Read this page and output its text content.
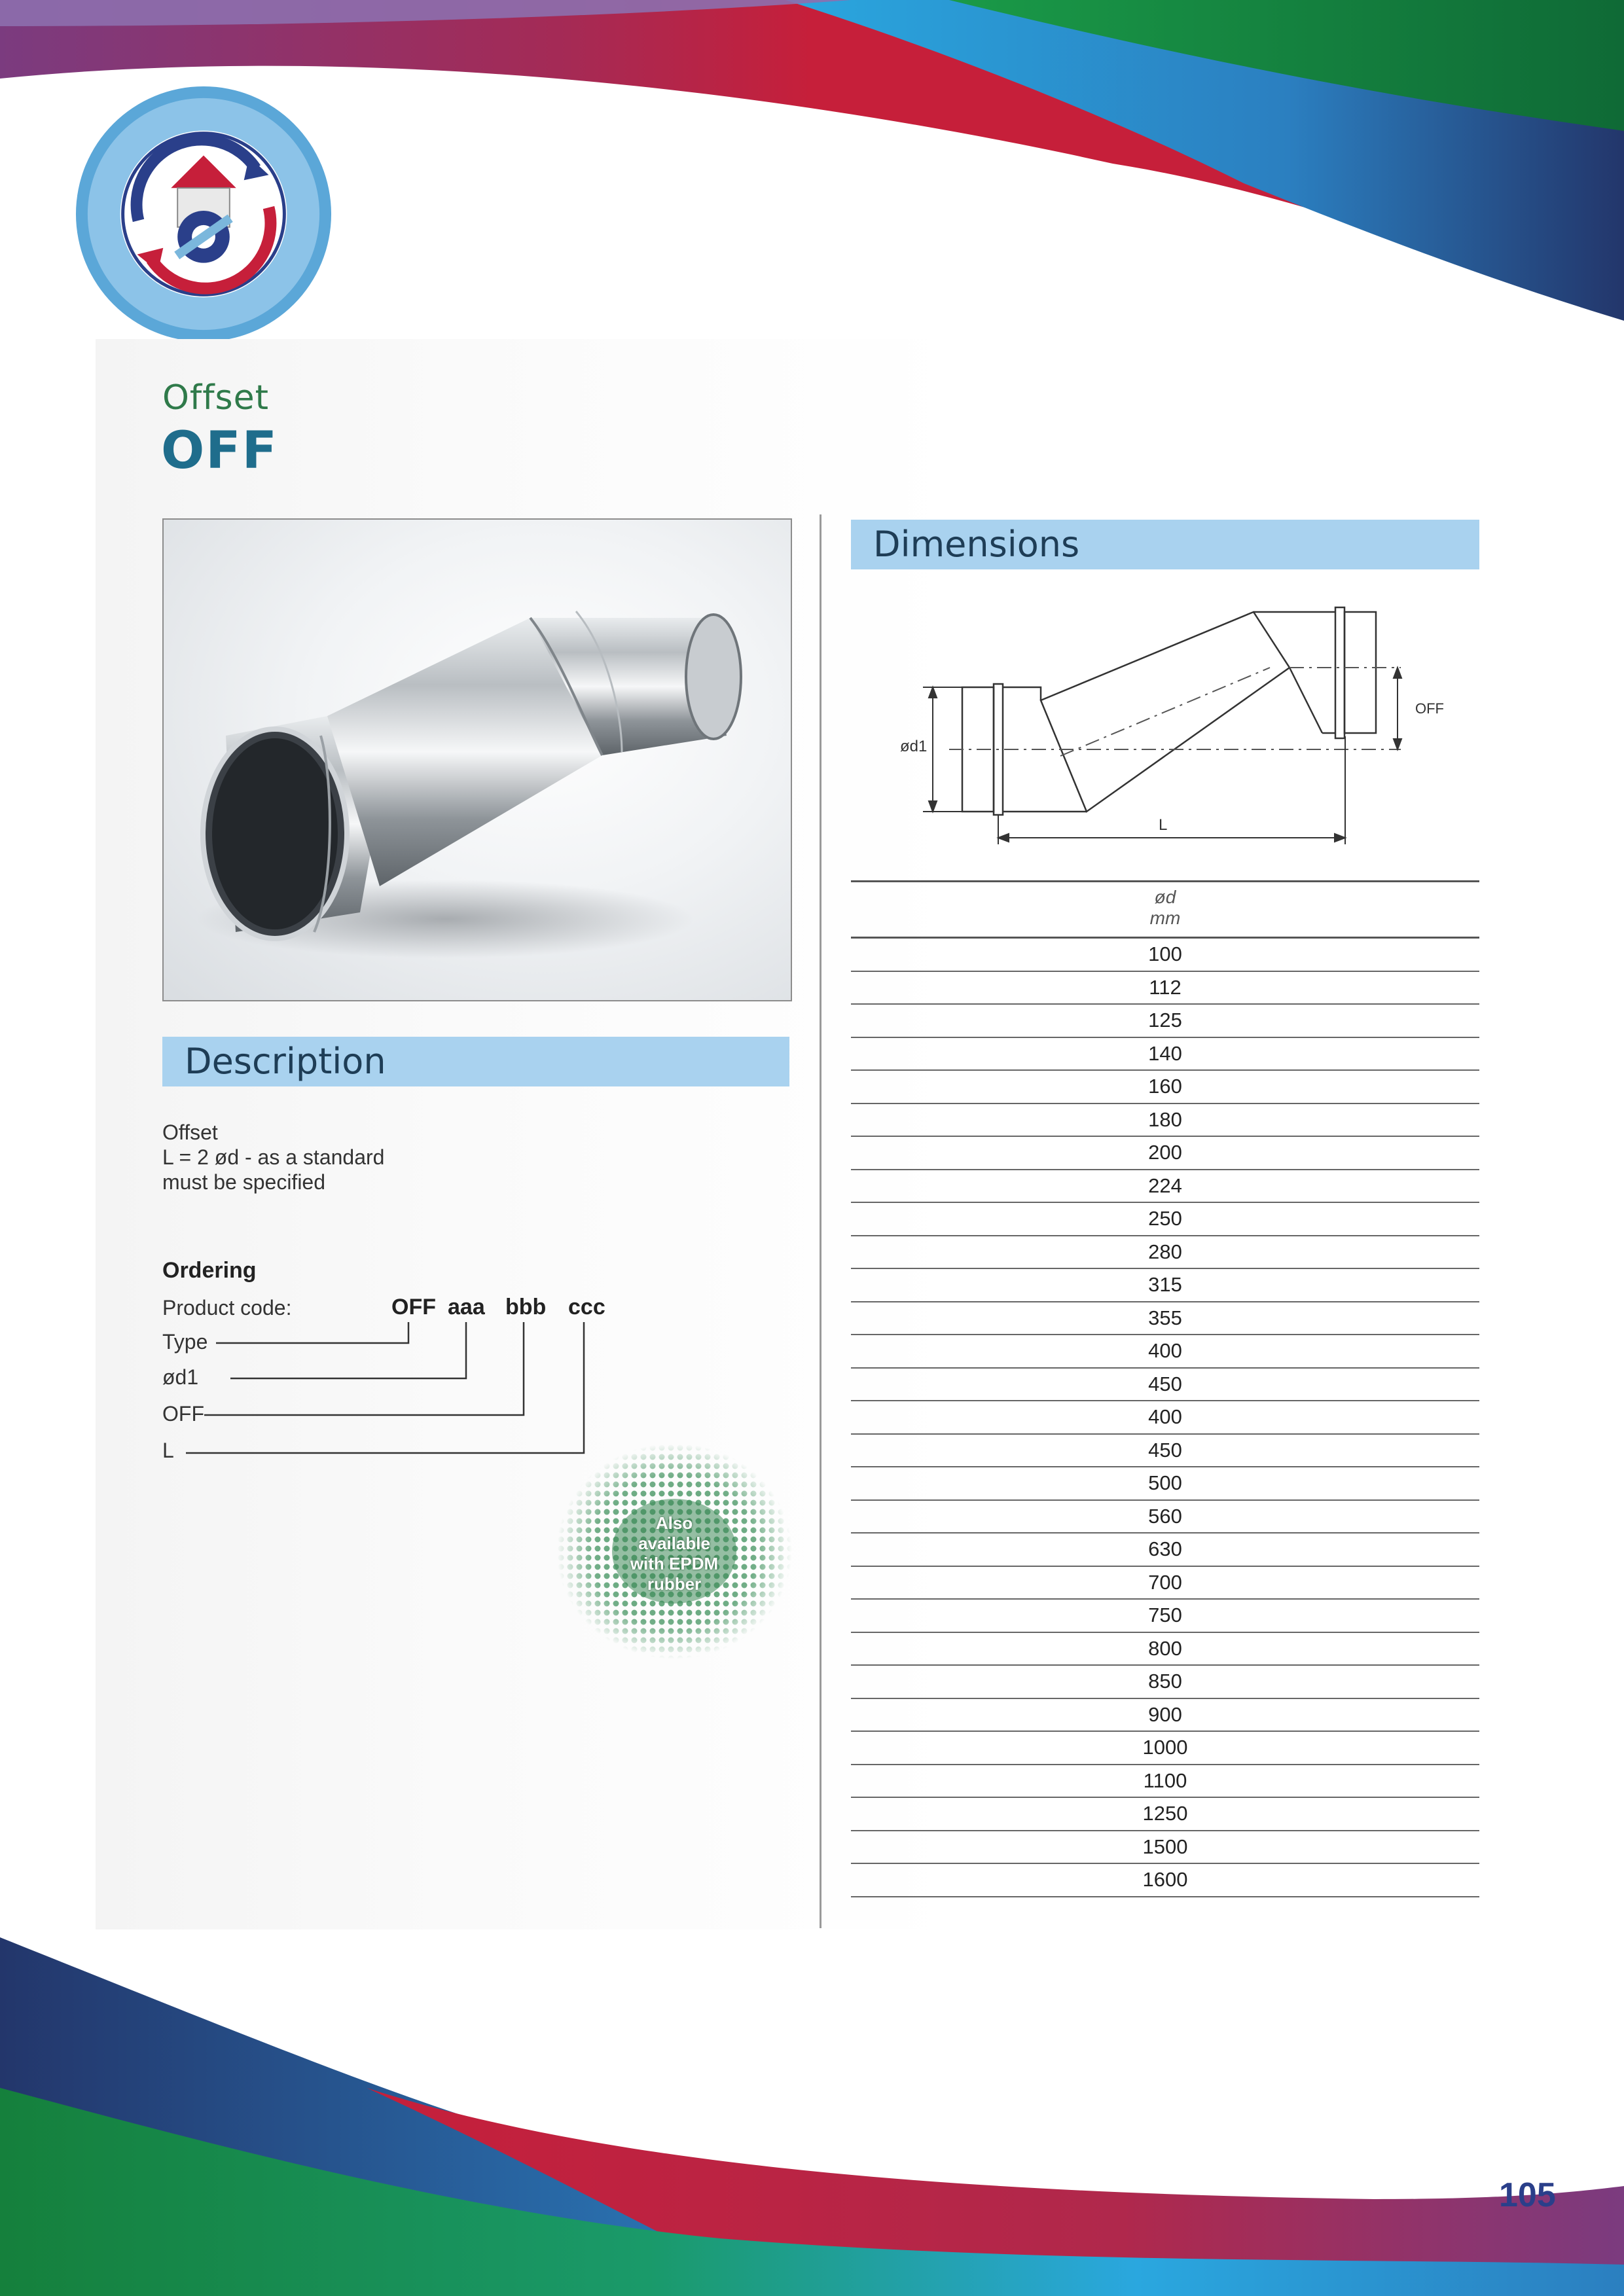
Offset
OFF
Description
Offset
L = 2 ød - as a standard
must be specified
Ordering
Product code:	OFF aaa bbb ccc
Type
ød1
OFF
L
Also
available
with EPDM
rubber
Dimensions
ød1
OFF
L
ød
mm
100
112
125
140
160
180
200
224
250
280
315
355
400
450
400
450
500
560
630
700
750
800
850
900
1000
1100
1250
1500
1600
105
